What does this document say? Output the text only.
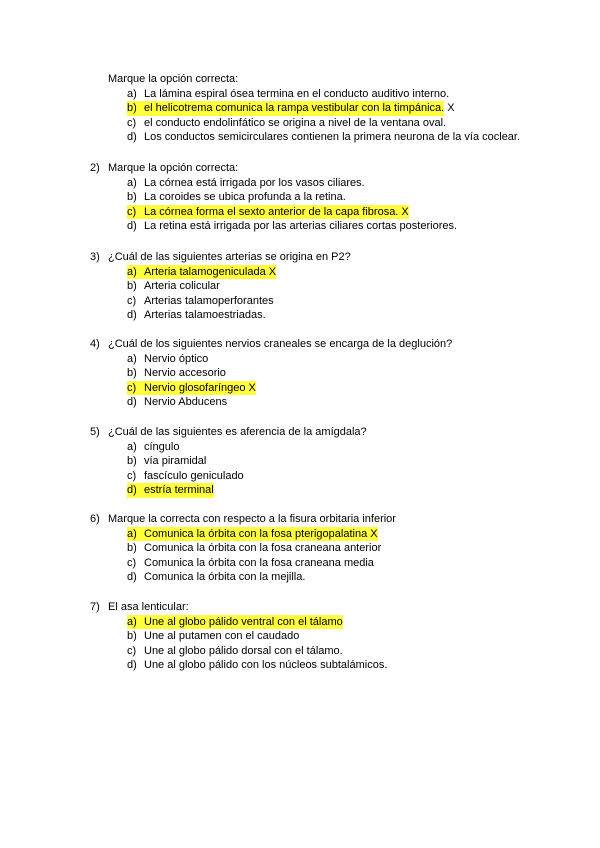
Marque la opción correcta:
a) La lámina espiral ósea termina en el conducto auditivo interno.
b) el helicotrema comunica la rampa vestibular con la timpánica. X
c) el conducto endolinfático se origina a nivel de la ventana oval.
d) Los conductos semicirculares contienen la primera neurona de la vía coclear.
2) Marque la opción correcta:
a) La córnea está irrigada por los vasos ciliares.
b) La coroides se ubica profunda a la retina.
c) La córnea forma el sexto anterior de la capa fibrosa. X
d) La retina está irrigada por las arterias ciliares cortas posteriores.
3) ¿Cuál de las siguientes arterias se origina en P2?
a) Arteria talamogeniculada X
b) Arteria colicular
c) Arterias talamoperforantes
d) Arterias talamoestriadas.
4) ¿Cuál de los siguientes nervios craneales se encarga de la deglución?
a) Nervio óptico
b) Nervio accesorio
c) Nervio glosofaríngeo X
d) Nervio Abducens
5) ¿Cuál de las siguientes es aferencia de la amígdala?
a) cíngulo
b) vía piramidal
c) fascículo geniculado
d) estría terminal
6) Marque la correcta con respecto a la fisura orbitaria inferior
a) Comunica la órbita con la fosa pterigopalatina X
b) Comunica la órbita con la fosa craneana anterior
c) Comunica la órbita con la fosa craneana media
d) Comunica la órbita con la mejilla.
7) El asa lenticular:
a) Une al globo pálido ventral con el tálamo
b) Une al putamen con el caudado
c) Une al globo pálido dorsal con el tálamo.
d) Une al globo pálido con los núcleos subtalámicos.
